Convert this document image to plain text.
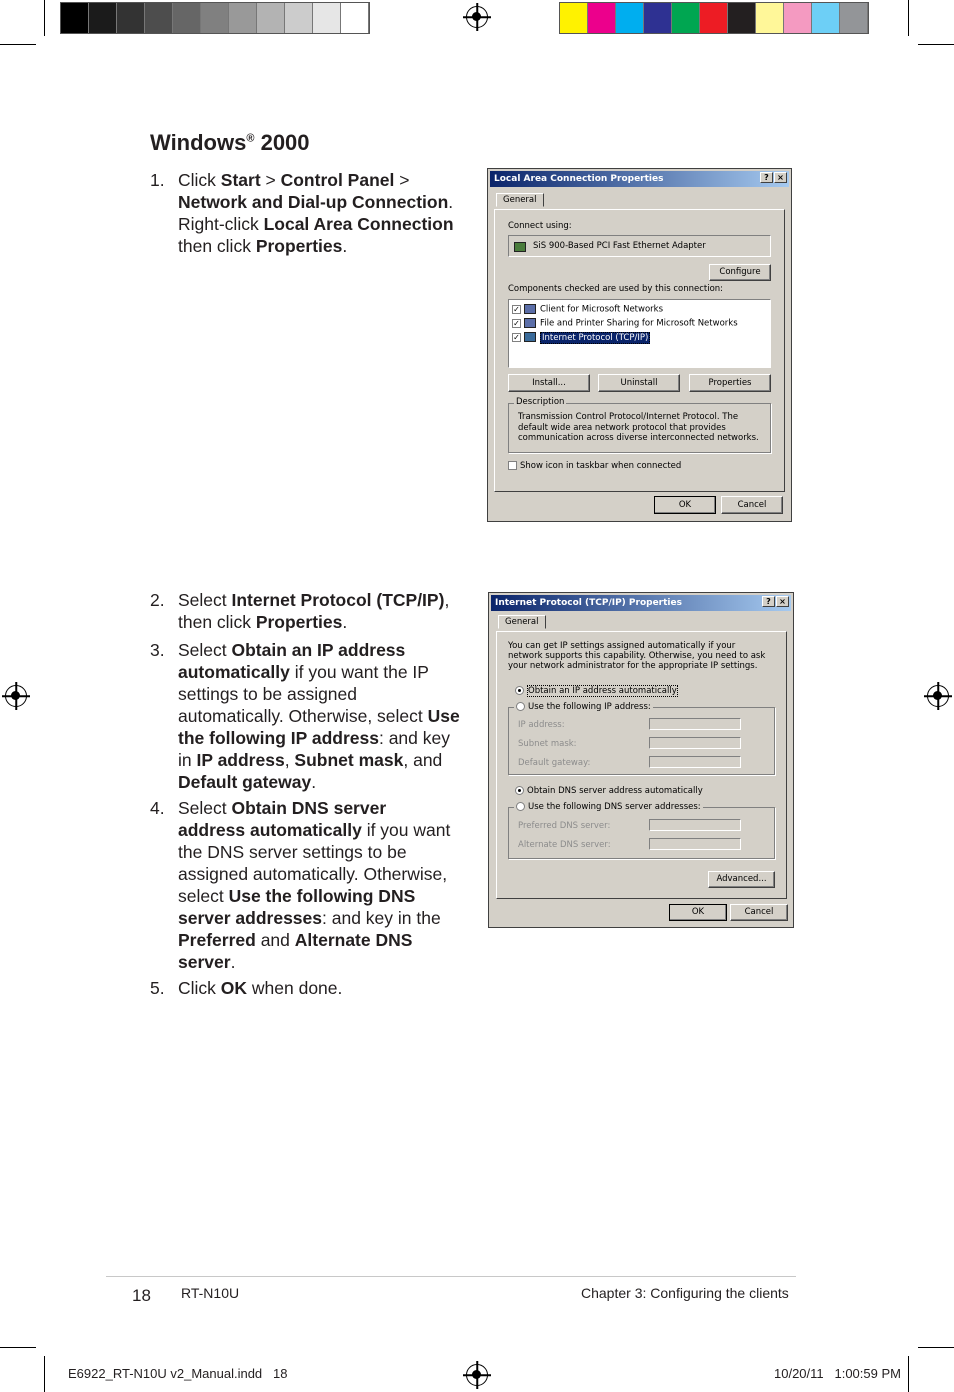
Windows® 2000
1. Click Start > Control Panel > Network and Dial-up Connection. Right-click Local Area Connection then click Properties.
2. Select Internet Protocol (TCP/IP), then click Properties.
3. Select Obtain an IP address automatically if you want the IP settings to be assigned automatically. Otherwise, select Use the following IP address: and key in IP address, Subnet mask, and Default gateway.
4. Select Obtain DNS server address automatically if you want the DNS server settings to be assigned automatically. Otherwise, select Use the following DNS server addresses: and key in the Preferred and Alternate DNS server.
5. Click OK when done.
Local Area Connection Properties	?	×
General
Connect using:
SiS 900-Based PCI Fast Ethernet Adapter
Configure
Components checked are used by this connection:
✓ Client for Microsoft Networks
✓ File and Printer Sharing for Microsoft Networks
✓	Internet Protocol (TCP/IP)
Install...	Uninstall	Properties
Description
Transmission Control Protocol/Internet Protocol. The default wide area network protocol that provides communication across diverse interconnected networks.
Show icon in taskbar when connected
OK	Cancel
Internet Protocol (TCP/IP) Properties	?	×
General
You can get IP settings assigned automatically if your network supports this capability. Otherwise, you need to ask your network administrator for the appropriate IP settings.
Obtain an IP address automatically
Use the following IP address:
IP address:
Subnet mask:
Default gateway:
Obtain DNS server address automatically
Use the following DNS server addresses:
Preferred DNS server:
Alternate DNS server:
Advanced...
OK	Cancel
18 RT-N10U	Chapter 3: Configuring the clients
E6922_RT-N10U v2_Manual.indd   18	10/20/11   1:00:59 PM
